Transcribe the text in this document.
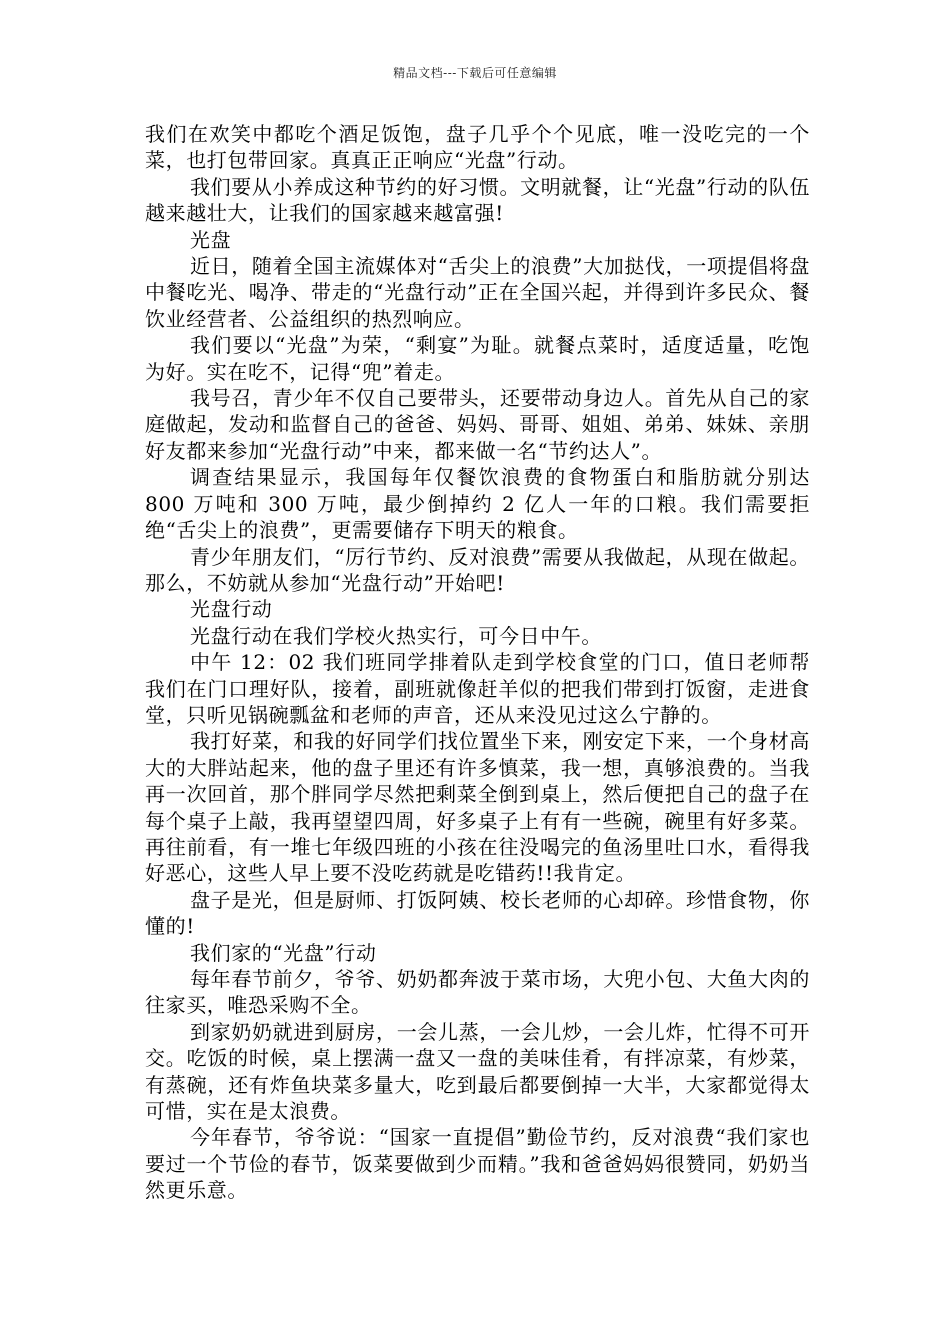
精品文档---下载后可任意编辑

我们在欢笑中都吃个酒足饭饱，盘子几乎个个见底，唯一没吃完的一个菜，也打包带回家。真真正正响应“光盘”行动。

我们要从小养成这种节约的好习惯。文明就餐，让“光盘”行动的队伍越来越壮大，让我们的国家越来越富强!

光盘

近日，随着全国主流媒体对“舌尖上的浪费”大加挞伐，一项提倡将盘中餐吃光、喝净、带走的“光盘行动”正在全国兴起，并得到许多民众、餐饮业经营者、公益组织的热烈响应。

我们要以“光盘”为荣，“剩宴”为耻。就餐点菜时，适度适量，吃饱为好。实在吃不，记得“兜”着走。

我号召，青少年不仅自己要带头，还要带动身边人。首先从自己的家庭做起，发动和监督自己的爸爸、妈妈、哥哥、姐姐、弟弟、妹妹、亲朋好友都来参加“光盘行动”中来，都来做一名“节约达人”。

调查结果显示，我国每年仅餐饮浪费的食物蛋白和脂肪就分别达 800 万吨和 300 万吨，最少倒掉约 2 亿人一年的口粮。我们需要拒绝“舌尖上的浪费”，更需要储存下明天的粮食。

青少年朋友们，“厉行节约、反对浪费”需要从我做起，从现在做起。那么，不妨就从参加“光盘行动”开始吧!

光盘行动

光盘行动在我们学校火热实行，可今日中午。

中午 12：02 我们班同学排着队走到学校食堂的门口，值日老师帮我们在门口理好队，接着，副班就像赶羊似的把我们带到打饭窗，走进食堂，只听见锅碗瓢盆和老师的声音，还从来没见过这么宁静的。

我打好菜，和我的好同学们找位置坐下来，刚安定下来，一个身材高大的大胖站起来，他的盘子里还有许多慎菜，我一想，真够浪费的。当我再一次回首，那个胖同学尽然把剩菜全倒到桌上，然后便把自己的盘子在每个桌子上敲，我再望望四周，好多桌子上有有一些碗，碗里有好多菜。再往前看，有一堆七年级四班的小孩在往没喝完的鱼汤里吐口水，看得我好恶心，这些人早上要不没吃药就是吃错药!!我肯定。

盘子是光，但是厨师、打饭阿姨、校长老师的心却碎。珍惜食物，你懂的!

我们家的“光盘”行动

每年春节前夕，爷爷、奶奶都奔波于菜市场，大兜小包、大鱼大肉的往家买，唯恐采购不全。

到家奶奶就进到厨房，一会儿蒸，一会儿炒，一会儿炸，忙得不可开交。吃饭的时候，桌上摆满一盘又一盘的美味佳肴，有拌凉菜，有炒菜，有蒸碗，还有炸鱼块菜多量大，吃到最后都要倒掉一大半，大家都觉得太可惜，实在是太浪费。

今年春节，爷爷说：“国家一直提倡”勤俭节约，反对浪费“我们家也要过一个节俭的春节，饭菜要做到少而精。”我和爸爸妈妈很赞同，奶奶当然更乐意。
